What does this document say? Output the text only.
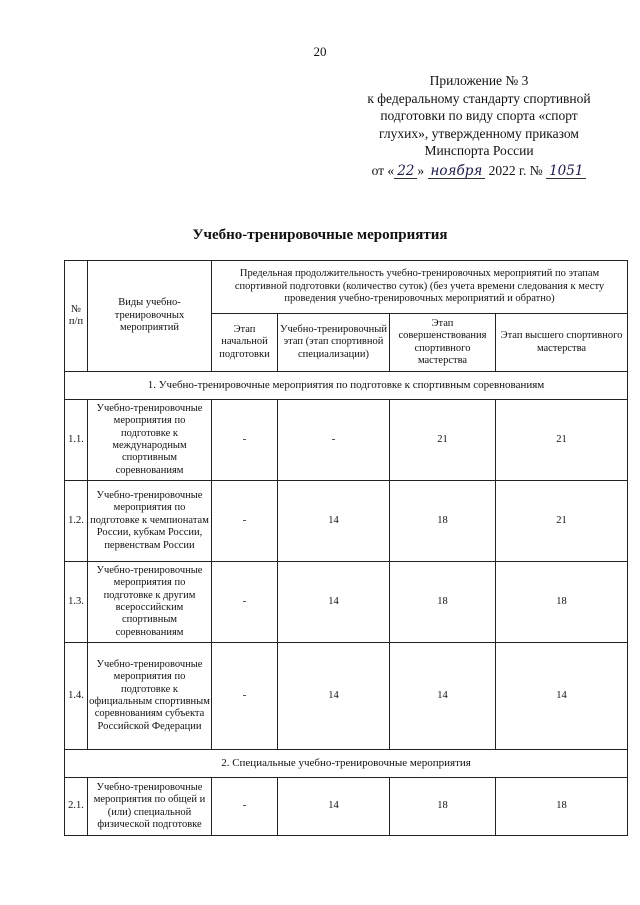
20
Приложение № 3
к федеральному стандарту спортивной
подготовки по виду спорта «спорт
глухих», утвержденному приказом
Минспорта России
от « 22 » ноября 2022 г. № 1051
Учебно-тренировочные мероприятия
№ п/п	Виды учебно-тренировочных мероприятий	Предельная продолжительность учебно-тренировочных мероприятий по этапам спортивной подготовки (количество суток) (без учета времени следования к месту проведения учебно-тренировочных мероприятий и обратно)			
		Этап начальной подготовки	Учебно-тренировочный этап (этап спортивной специализации)	Этап совершенствования спортивного мастерства	Этап высшего спортивного мастерства
1. Учебно-тренировочные мероприятия по подготовке к спортивным соревнованиям					
1.1.	Учебно-тренировочные мероприятия по подготовке к международным спортивным соревнованиям	-	-	21	21
1.2.	Учебно-тренировочные мероприятия по подготовке к чемпионатам России, кубкам России, первенствам России	-	14	18	21
1.3.	Учебно-тренировочные мероприятия по подготовке к другим всероссийским спортивным соревнованиям	-	14	18	18
1.4.	Учебно-тренировочные мероприятия по подготовке к официальным спортивным соревнованиям субъекта Российской Федерации	-	14	14	14
2. Специальные учебно-тренировочные мероприятия					
2.1.	Учебно-тренировочные мероприятия по общей и (или) специальной физической подготовке	-	14	18	18
